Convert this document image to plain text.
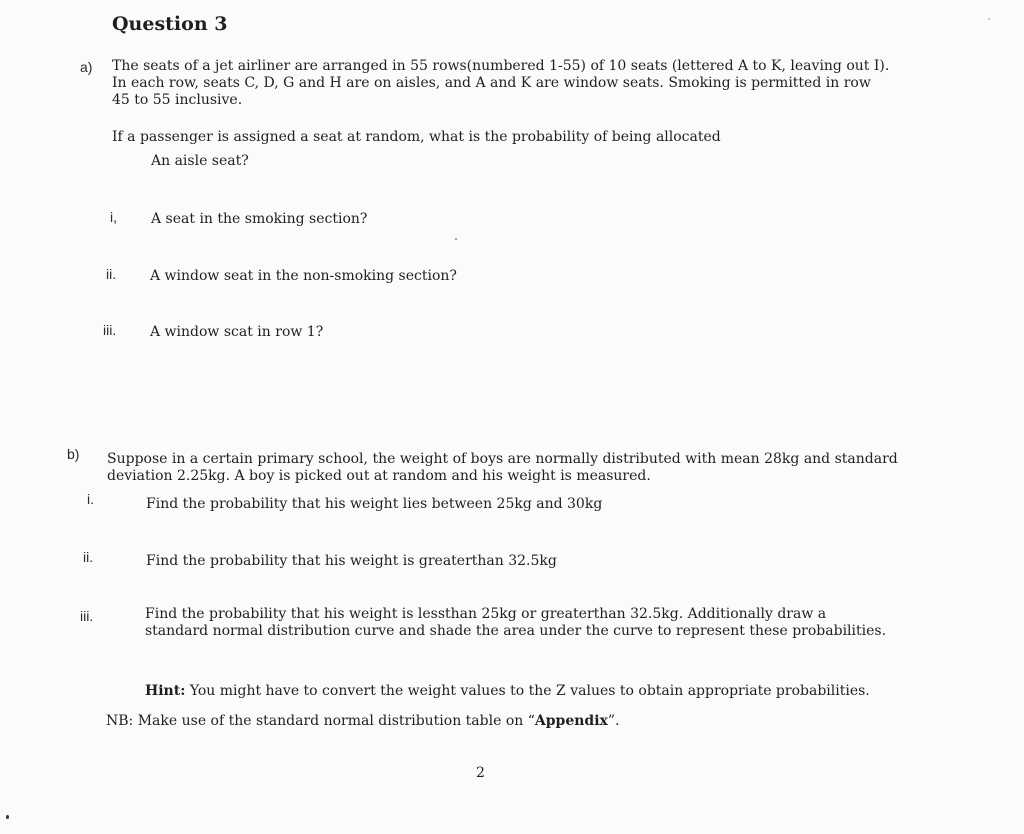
Question 3
a) The seats of a jet airliner are arranged in 55 rows(numbered 1-55) of 10 seats (lettered A to K, leaving out I).
In each row, seats C, D, G and H are on aisles, and A and K are window seats. Smoking is permitted in row
45 to 55 inclusive.
If a passenger is assigned a seat at random, what is the probability of being allocated
An aisle seat?
i, A seat in the smoking section?
ii. A window seat in the non-smoking section?
iii. A window scat in row 1?
b) Suppose in a certain primary school, the weight of boys are normally distributed with mean 28kg and standard
deviation 2.25kg. A boy is picked out at random and his weight is measured.
i.	Find the probability that his weight lies between 25kg and 30kg
ii.	Find the probability that his weight is greaterthan 32.5kg
iii.	Find the probability that his weight is lessthan 25kg or greaterthan 32.5kg. Additionally draw a
standard normal distribution curve and shade the area under the curve to represent these probabilities.
Hint: You might have to convert the weight values to the Z values to obtain appropriate probabilities.
NB: Make use of the standard normal distribution table on “Appendix”.
2
